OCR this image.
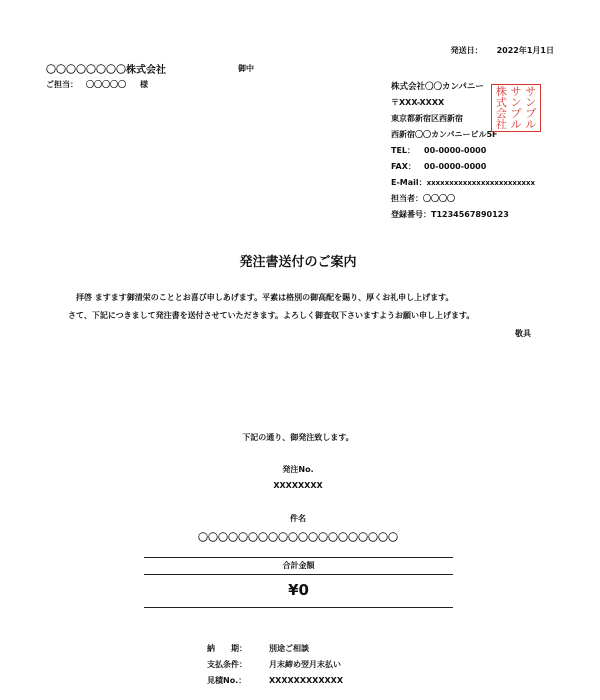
発送日： 2022年1月1日
〇〇〇〇〇〇〇〇株式会社	御中
ご担当： 〇〇〇〇〇 様	株式会社〇〇カンパニー
〒XXX-XXXX
東京都新宿区西新宿
西新宿〇〇カンパニービル5F
TEL： 00-0000-0000
FAX： 00-0000-0000
E-Mail：xxxxxxxxxxxxxxxxxxxxxxxx
担当者：〇〇〇〇
登録番号：T1234567890123
サ
ン
プ
ル
サ
ン
プ
ル
株
式
会
社
発注書送付のご案内
拝啓 ますます御清栄のこととお喜び申しあげます。平素は格別の御高配を賜り、厚くお礼申し上げます。
さて、下記につきまして発注書を送付させていただきます。よろしく御査収下さいますようお願い申し上げます。
敬具
下記の通り、御発注致します。
発注No.
XXXXXXXX
件名
〇〇〇〇〇〇〇〇〇〇〇〇〇〇〇〇〇〇〇〇
合計金額
¥0
納　　期：	別途ご相談
支払条件：	月末締め翌月末払い
見積No.：	XXXXXXXXXXXX
